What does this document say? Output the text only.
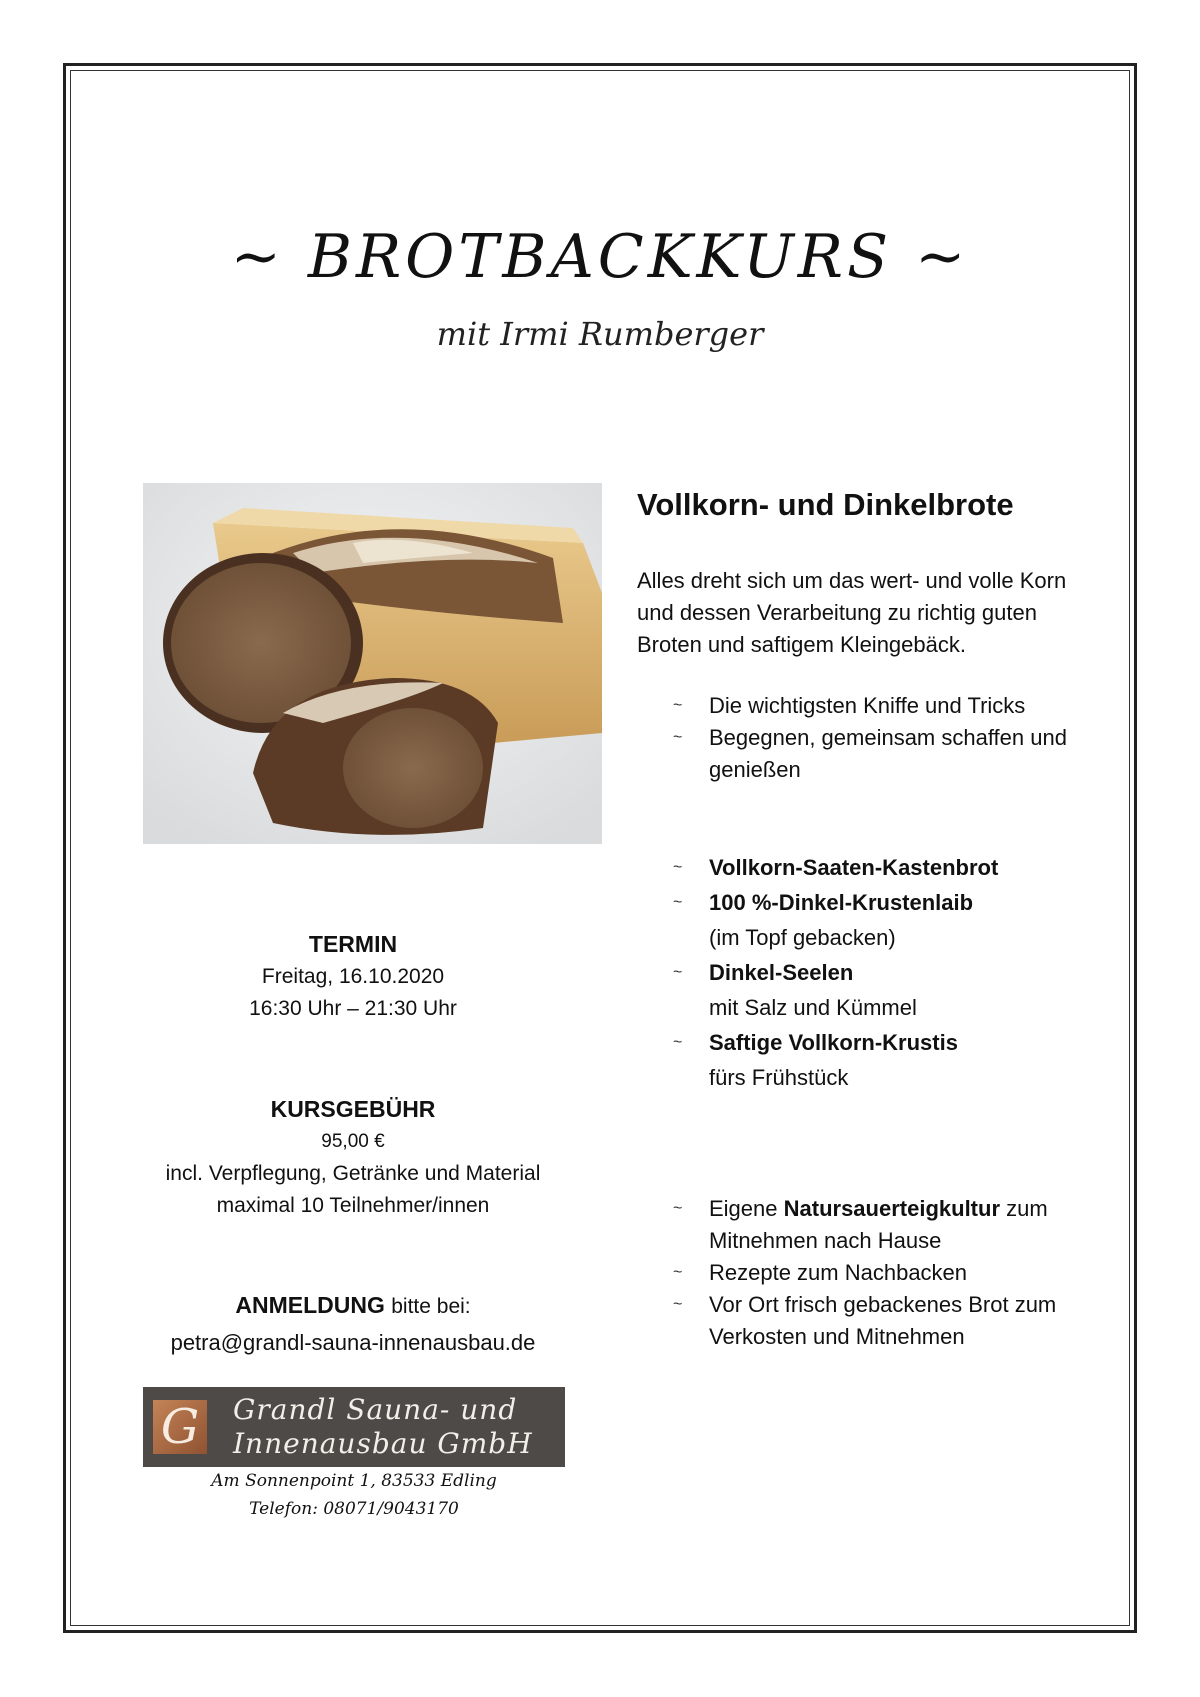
~ BROTBACKKURS ~
mit Irmi Rumberger
Vollkorn- und Dinkelbrote
Alles dreht sich um das wert- und volle Korn und dessen Verarbeitung zu richtig guten Broten und saftigem Kleingebäck.
~ Die wichtigsten Kniffe und Tricks
~ Begegnen, gemeinsam schaffen und genießen
~ Vollkorn-Saaten-Kastenbrot
~ 100 %-Dinkel-Krustenlaib
(im Topf gebacken)
~ Dinkel-Seelen
mit Salz und Kümmel
~ Saftige Vollkorn-Krustis
fürs Frühstück
~ Eigene Natursauerteigkultur zum Mitnehmen nach Hause
~ Rezepte zum Nachbacken
~ Vor Ort frisch gebackenes Brot zum Verkosten und Mitnehmen
TERMIN
Freitag, 16.10.2020
16:30 Uhr – 21:30 Uhr
KURSGEBÜHR
95,00 €
incl. Verpflegung, Getränke und Material
maximal 10 Teilnehmer/innen
ANMELDUNG bitte bei:
petra@grandl-sauna-innenausbau.de
G Grandl Sauna- und
Innenausbau GmbH
Am Sonnenpoint 1, 83533 Edling
Telefon: 08071/9043170
